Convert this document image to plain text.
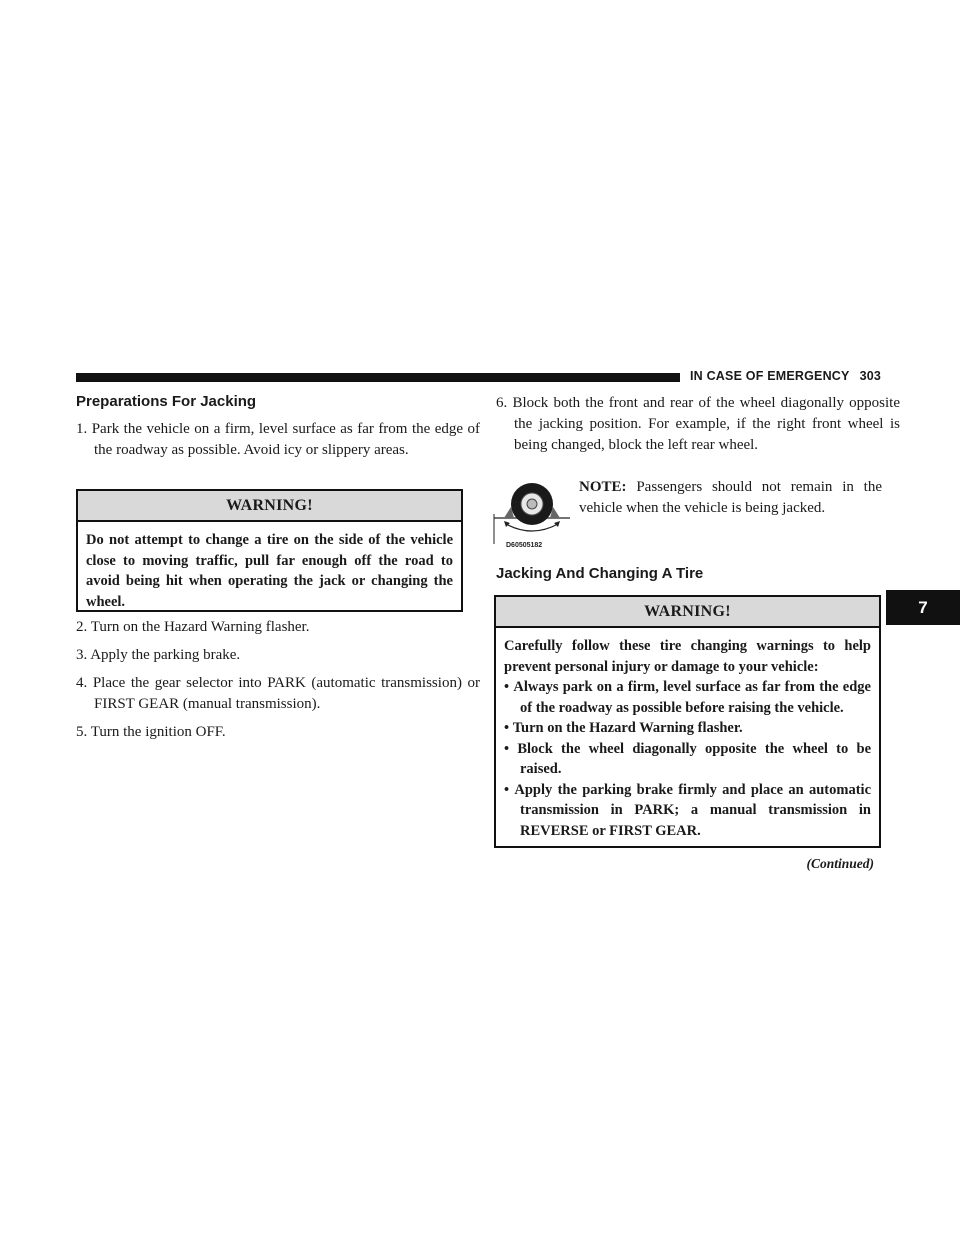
IN CASE OF EMERGENCY 303
7
Preparations For Jacking
1. Park the vehicle on a firm, level surface as far from the edge of the roadway as possible. Avoid icy or slippery areas.
WARNING!
Do not attempt to change a tire on the side of the vehicle close to moving traffic, pull far enough off the road to avoid being hit when operating the jack or changing the wheel.
2. Turn on the Hazard Warning flasher.
3. Apply the parking brake.
4. Place the gear selector into PARK (automatic transmission) or FIRST GEAR (manual transmission).
5. Turn the ignition OFF.
6. Block both the front and rear of the wheel diagonally opposite the jacking position. For example, if the right front wheel is being changed, block the left rear wheel.
D60505182
NOTE: Passengers should not remain in the vehicle when the vehicle is being jacked.
Jacking And Changing A Tire
WARNING!
Carefully follow these tire changing warnings to help prevent personal injury or damage to your vehicle:
• Always park on a firm, level surface as far from the edge of the roadway as possible before raising the vehicle.
• Turn on the Hazard Warning flasher.
• Block the wheel diagonally opposite the wheel to be raised.
• Apply the parking brake firmly and place an automatic transmission in PARK; a manual transmission in REVERSE or FIRST GEAR.
(Continued)
